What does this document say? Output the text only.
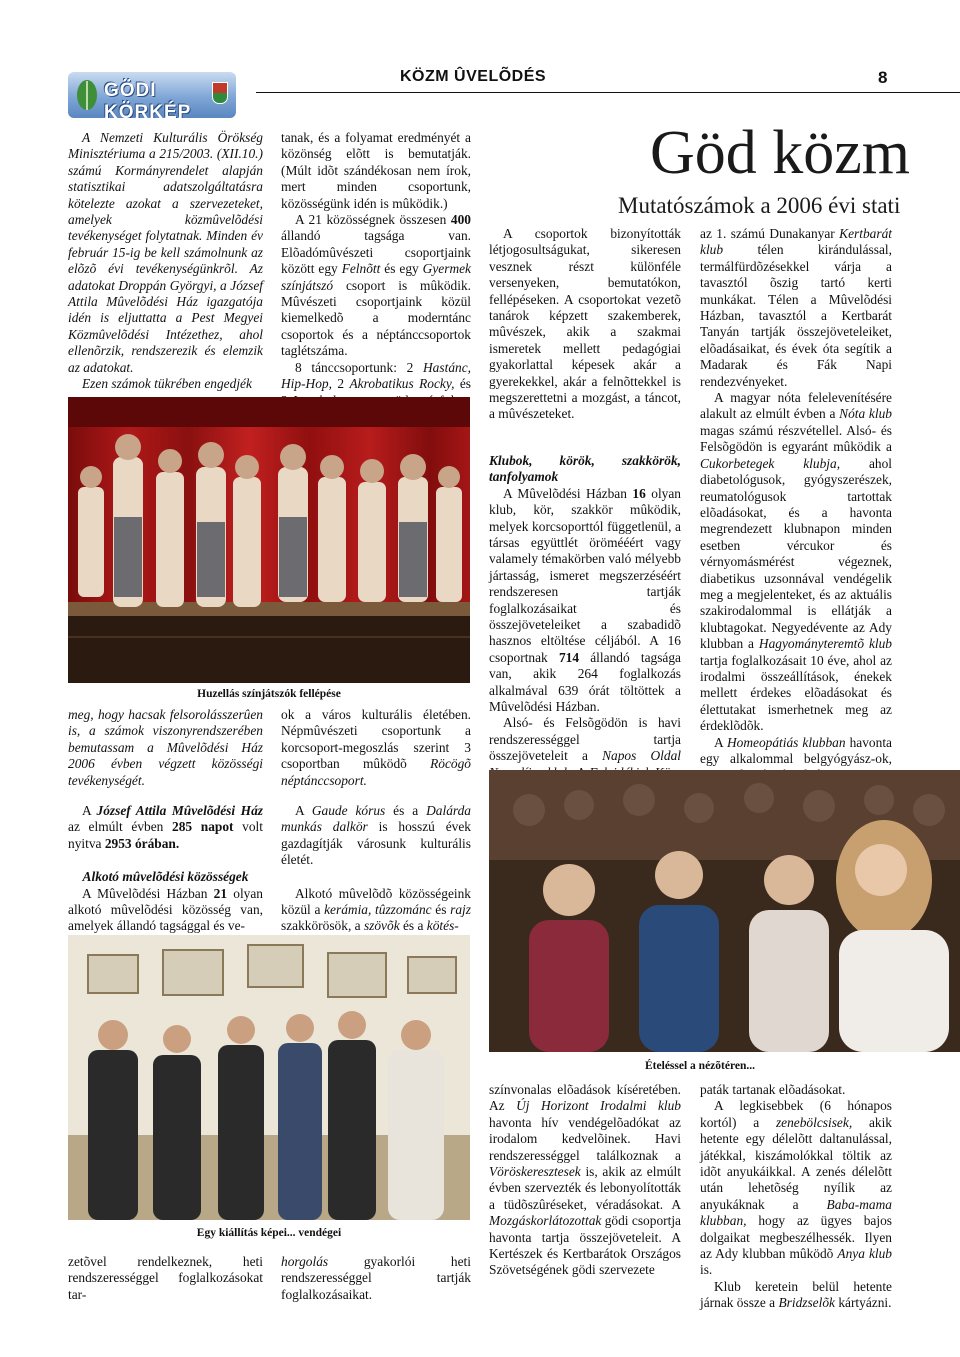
GÖDI KÖRKÉP
KÖZM ÛVELÕDÉS	8
Göd közm
Mutatószámok a 2006 évi stati

A Nemzeti Kulturális Örökség Minisztériuma a 215/2003. (XII.10.) számú Kormányrendelet alapján statisztikai adatszolgáltatásra kötelezte azokat a szervezeteket, amelyek közmûvelõdési tevékenységet folytatnak. Minden év február 15-ig be kell számolnunk az elõzõ évi tevékenységünkrõl. Az adatokat Droppán Györgyi, a József Attila Mûvelõdési Ház igazgatója idén is eljuttatta a Pest Megyei Közmûvelõdési Intézethez, ahol ellenõrzik, rendszerezik és elemzik az adatokat.

Ezen számok tükrében engedjék

tanak, és a folyamat eredményét a közönség elõtt is bemutatják. (Múlt idõt szándékosan nem írok, mert minden csoportunk, közösségünk idén is mûködik.)

A 21 közösségnek összesen 400 állandó tagsága van. Elõadómûvészeti csoportjaink között egy Felnõtt és egy Gyermek színjátszó csoport is mûködik. Mûvészeti csoportjaink közül kiemelkedõ a moderntánc csoportok és a néptánccsoportok taglétszáma.

8 tánccsoportunk: 2 Hastánc, Hip-Hop, 2 Akrobatikus Rocky, és

Huzellás színjátszók fellépése

meg, hogy hacsak felsorolásszerûen is, a számok viszonyrendszerében bemutassam a Mûvelõdési Ház 2006 évben végzett közösségi tevékenységét.

ok a város kulturális életében. Népmûvészeti csoportunk a korcsoport-megoszlás szerint 3 csoportban mûködõ Röcögõ néptánccsoport.

A József Attila Mûvelõdési Ház az elmúlt évben 285 napot volt nyitva 2953 órában.

Alkotó mûvelõdési közösségek

A Mûvelõdési Házban 21 olyan alkotó mûvelõdési közösség van, amelyek állandó tagsággal és ve-

A Gaude kórus és a Dalárda munkás dalkör is hosszú évek gazdagítják városunk kulturális életét.

Alkotó mûvelõdõ közösségeink közül a kerámia, tûzzománc és rajz szakkörösök, a szövõk és a kötés-

Egy kiállítás képei... vendégei

zetõvel rendelkeznek, heti rendszerességgel foglalkozásokat tar-

horgolás gyakorlói heti rendszerességgel tartják foglalkozásaikat.

A csoportok bizonyították létjogosultságukat, sikeresen vesznek részt különféle versenyeken, bemutatókon, fellépéseken. A csoportokat vezetõ tanárok képzett szakemberek, mûvészek, akik a szakmai ismeretek mellett pedagógiai gyakorlattal képesek akár a gyerekekkel, akár a felnõttekkel is megszerettetni a mozgást, a táncot, a mûvészeteket.

Klubok, körök, szakkörök, tanfolyamok

A Mûvelõdési Házban 16 olyan klub, kör, szakkör mûködik, melyek korcsoporttól függetlenül, a társas együttlét örömééért vagy valamely témakörben való mélyebb jártasság, ismeret megszerzéséért rendszeresen tartják foglalkozásaikat és összejöveteleiket a szabadidõ hasznos eltöltése céljából. A 16 csoportnak 714 állandó tagsága van, akik 264 foglalkozás alkalmával 639 órát töltöttek a Mûvelõdési Házban.

Alsó- és Felsõgödön is havi rendszerességgel tartja összejöveteleit a Napos Oldal

az 1. számú Dunakanyar Kertbarát klub télen kirándulással, termálfürdõzésekkel várja a tavasztól õszig tartó kerti munkákat. Télen a Mûvelõdési Házban, tavasztól a Kertbarát Tanyán tartják összejöveteleiket, elõadásaikat, és évek óta segítik a Madarak és Fák Napi rendezvényeket.

A magyar nóta felelevenítésére alakult az elmúlt évben a Nóta klub magas számú részvétellel. Alsó- és Felsõgödön is egyaránt mûködik a Cukorbetegek klubja, ahol diabetológusok, gyógyszerészek, reumatológusok tartottak elõadásokat, és a havonta megrendezett klubnapon minden esetben vércukor és vérnyomásmérést végeznek, diabetikus uzsonnával vendégelik meg a megjelenteket, és az aktuális szakirodalommal is ellátják a klubtagokat. Negyedévente az Ady klubban a Hagyományteremtõ klub tartja foglalkozásait 10 éve, ahol az irodalmi összeállítások, énekek mellett érdekes elõadásokat és élettutakat ismerhetnek meg az érdeklõdõk.

A Homeopátiás klubban havonta egy alkalommal belgyógyász-ok,

Ételéssel a nézõtéren...

színvonalas elõadások kíséretében. Az Új Horizont Irodalmi klub havonta hív vendégelõadókat az irodalom kedvelõinek. Havi rendszerességgel találkoznak a Vöröskeresztesek is, akik az elmúlt évben szervezték és lebonyolították a tüdõszûréseket, véradásokat. A Mozgáskorlátozottak gödi csoportja havonta tartja összejöveteleit. A Kertészek és Kertbarátok Országos Szövetségének gödi szervezete

paták tartanak elõadásokat.

A legkisebbek (6 hónapos kortól) a zenebölcsisek, akik hetente egy délelõtt daltanulással, játékkal, kiszámolókkal töltik az idõt anyukáikkal. A zenés délelõtt után lehetõség nyílik az anyukáknak a Baba-mama klubban, hogy az ügyes bajos dolgaikat megbeszélhessék. Ilyen az Ady klubban mûködõ Anya klub is.

Klub keretein belül hetente járnak össze a Bridzselõk kártyázni.
